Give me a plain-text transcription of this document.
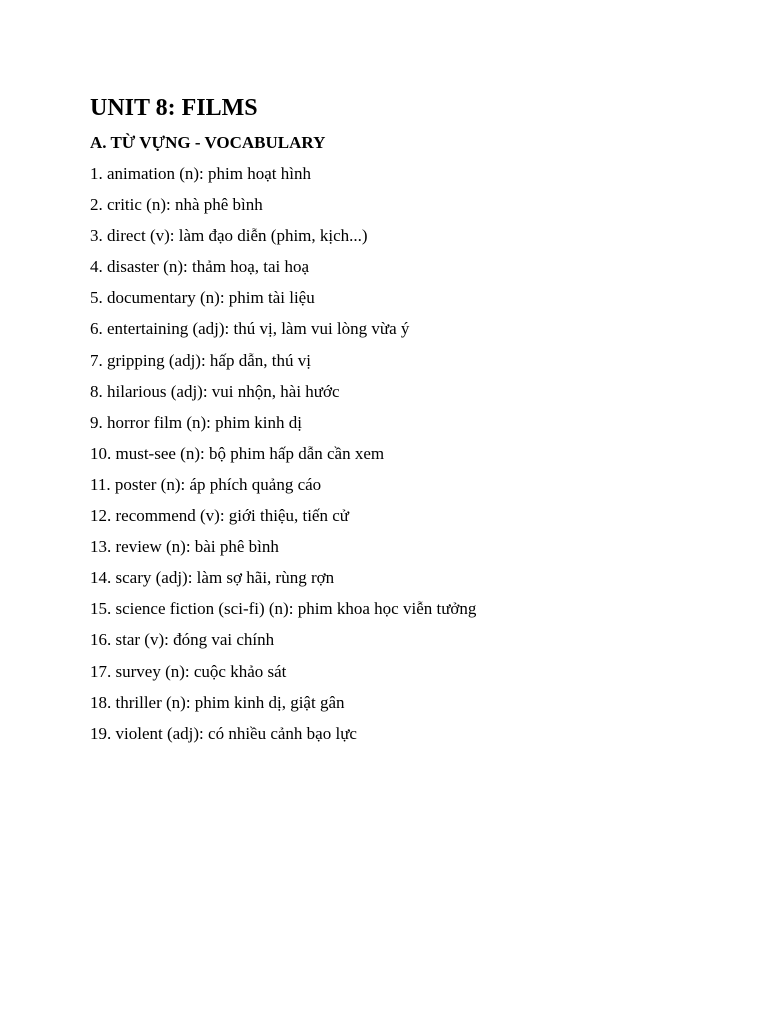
UNIT 8: FILMS
A. TỪ VỰNG - VOCABULARY
1. animation (n): phim hoạt hình
2. critic (n): nhà phê bình
3. direct (v): làm đạo diễn (phim, kịch...)
4. disaster (n): thảm hoạ, tai hoạ
5. documentary (n): phim tài liệu
6. entertaining (adj): thú vị, làm vui lòng vừa ý
7. gripping (adj): hấp dẫn, thú vị
8. hilarious (adj): vui nhộn, hài hước
9. horror film (n): phim kinh dị
10. must-see (n): bộ phim hấp dẫn cần xem
11. poster (n): áp phích quảng cáo
12. recommend (v): giới thiệu, tiến cử
13. review (n): bài phê bình
14. scary (adj): làm sợ hãi, rùng rợn
15. science fiction (sci-fi) (n): phim khoa học viễn tưởng
16. star (v): đóng vai chính
17. survey (n): cuộc khảo sát
18. thriller (n): phim kinh dị, giật gân
19. violent (adj): có nhiều cảnh bạo lực
